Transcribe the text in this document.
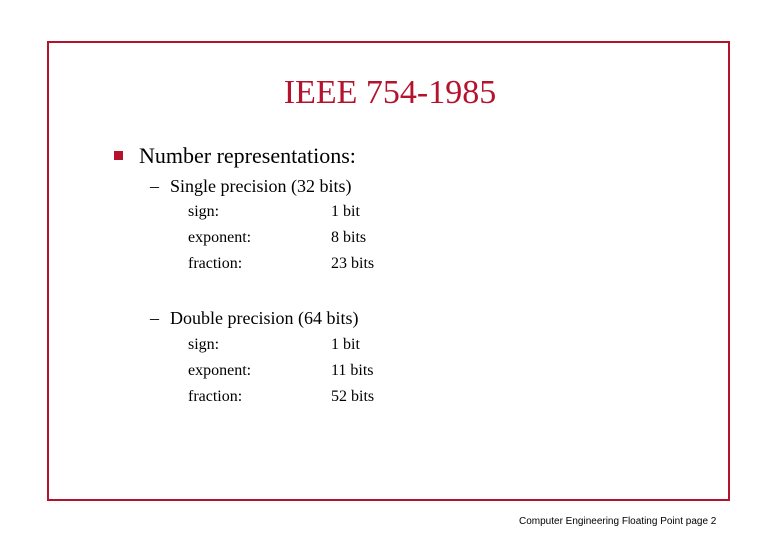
IEEE 754-1985
Number representations:
– Single precision (32 bits)
sign:	1 bit
exponent:	8 bits
fraction:	23 bits
– Double precision (64 bits)
sign:	1 bit
exponent:	11 bits
fraction:	52 bits
Computer Engineering Floating Point page 2
